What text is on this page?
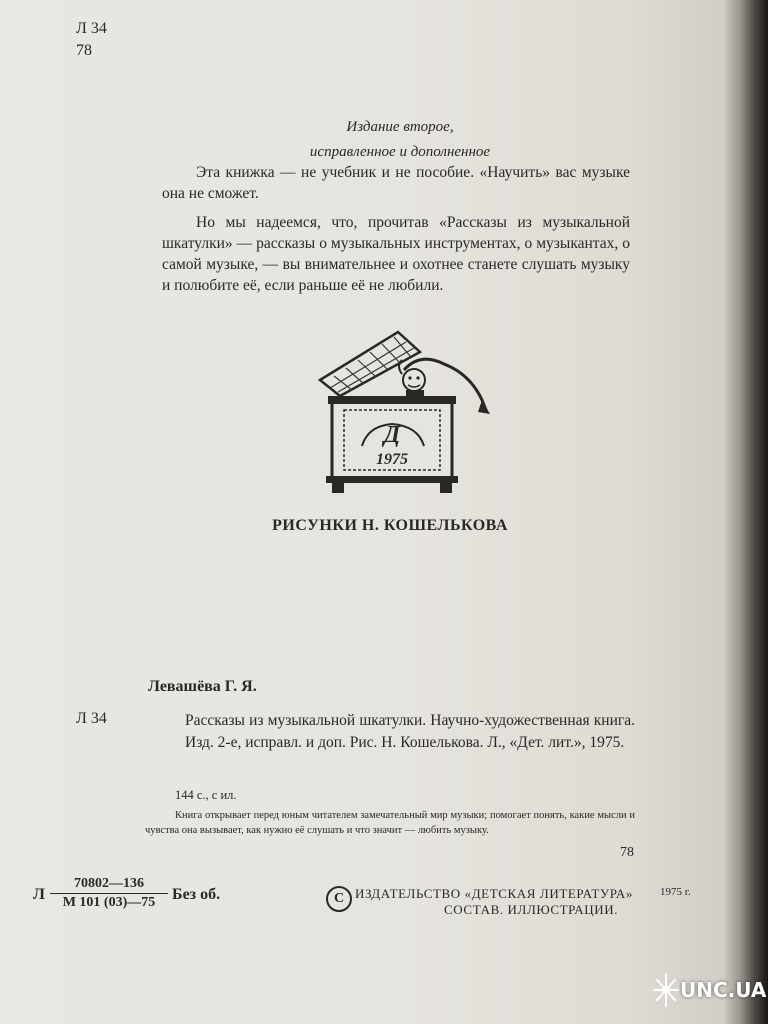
Л 34
78
Издание второе,
исправленное и дополненное

Эта книжка — не учебник и не пособие. «Научить» вас музыке она не сможет.

Но мы надеемся, что, прочитав «Рассказы из музыкальной шкатулки» — рассказы о музыкальных инструментах, о музыкантах, о самой музыке, — вы внимательнее и охотнее станете слушать музыку и полюбите её, если раньше её не любили.

Д
1975
РИСУНКИ Н. КОШЕЛЬКОВА
Левашёва Г. Я.
Л 34	Рассказы из музыкальной шкатулки. Научно-художественная книга. Изд. 2-е, исправл. и доп. Рис. Н. Кошелькова. Л., «Дет. лит.», 1975.
144 с., с ил.
Книга открывает перед юным читателем замечательный мир музыки; помогает понять, какие мысли и чувства она вызывает, как нужно её слушать и что значит — любить музыку.
78
Л
70802—136
М 101 (03)—75	Без об.	С ИЗДАТЕЛЬСТВО «ДЕТСКАЯ ЛИТЕРАТУРА» 1975 г.
СОСТАВ. ИЛЛЮСТРАЦИИ.
UNC.UA
